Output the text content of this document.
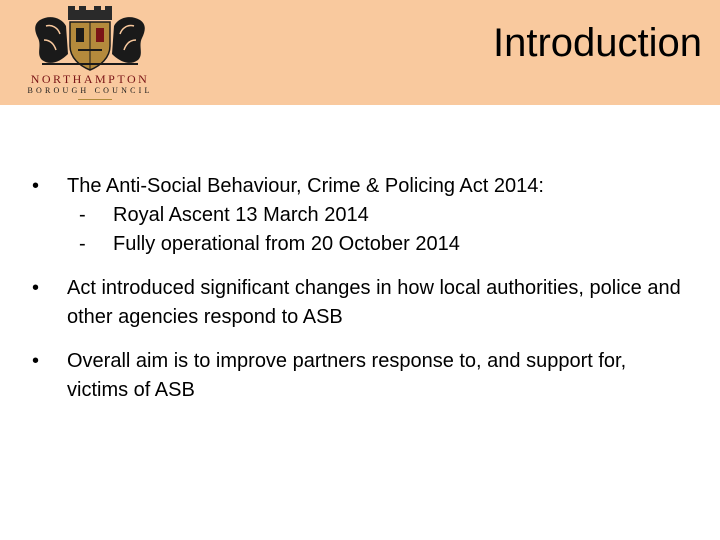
NORTHAMPTON
BOROUGH COUNCIL
Introduction
• The Anti-Social Behaviour, Crime & Policing Act 2014:
- Royal Ascent 13 March 2014
- Fully operational from 20 October 2014
• Act introduced significant changes in how local authorities, police and other agencies respond to ASB
• Overall aim is to improve partners response to, and support for, victims of ASB
